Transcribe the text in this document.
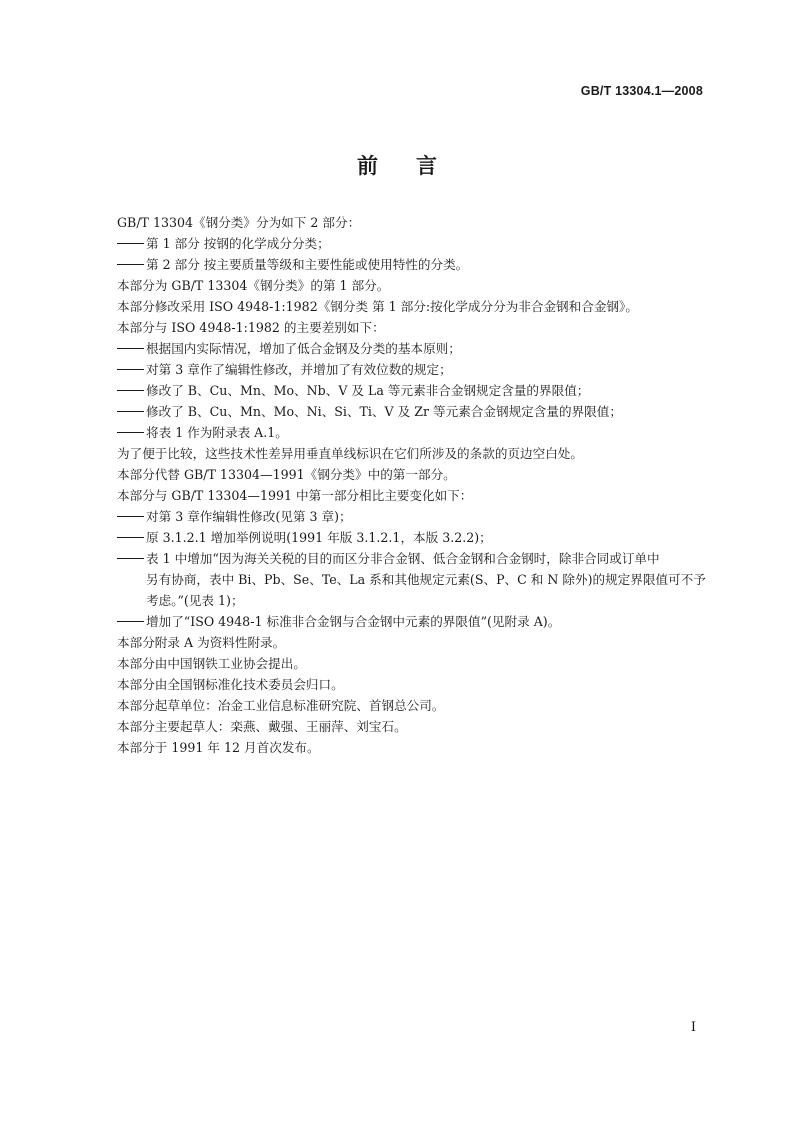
GB/T 13304.1—2008
前言
GB/T 13304《钢分类》分为如下 2 部分：
第 1 部分 按钢的化学成分分类；
第 2 部分 按主要质量等级和主要性能或使用特性的分类。
本部分为 GB/T 13304《钢分类》的第 1 部分。
本部分修改采用 ISO 4948-1:1982《钢分类 第 1 部分:按化学成分分为非合金钢和合金钢》。
本部分与 ISO 4948-1:1982 的主要差别如下：
根据国内实际情况，增加了低合金钢及分类的基本原则；
对第 3 章作了编辑性修改，并增加了有效位数的规定；
修改了 B、Cu、Mn、Mo、Nb、V 及 La 等元素非合金钢规定含量的界限值；
修改了 B、Cu、Mn、Mo、Ni、Si、Ti、V 及 Zr 等元素合金钢规定含量的界限值；
将表 1 作为附录表 A.1。
为了便于比较，这些技术性差异用垂直单线标识在它们所涉及的条款的页边空白处。
本部分代替 GB/T 13304—1991《钢分类》中的第一部分。
本部分与 GB/T 13304—1991 中第一部分相比主要变化如下：
对第 3 章作编辑性修改(见第 3 章)；
原 3.1.2.1 增加举例说明(1991 年版 3.1.2.1，本版 3.2.2)；
表 1 中增加“因为海关关税的目的而区分非合金钢、低合金钢和合金钢时，除非合同或订单中
另有协商，表中 Bi、Pb、Se、Te、La 系和其他规定元素(S、P、C 和 N 除外)的规定界限值可不予
考虑。”(见表 1)；
增加了“ISO 4948-1 标准非合金钢与合金钢中元素的界限值”(见附录 A)。
本部分附录 A 为资料性附录。
本部分由中国钢铁工业协会提出。
本部分由全国钢标准化技术委员会归口。
本部分起草单位：冶金工业信息标准研究院、首钢总公司。
本部分主要起草人：栾燕、戴强、王丽萍、刘宝石。
本部分于 1991 年 12 月首次发布。
I
